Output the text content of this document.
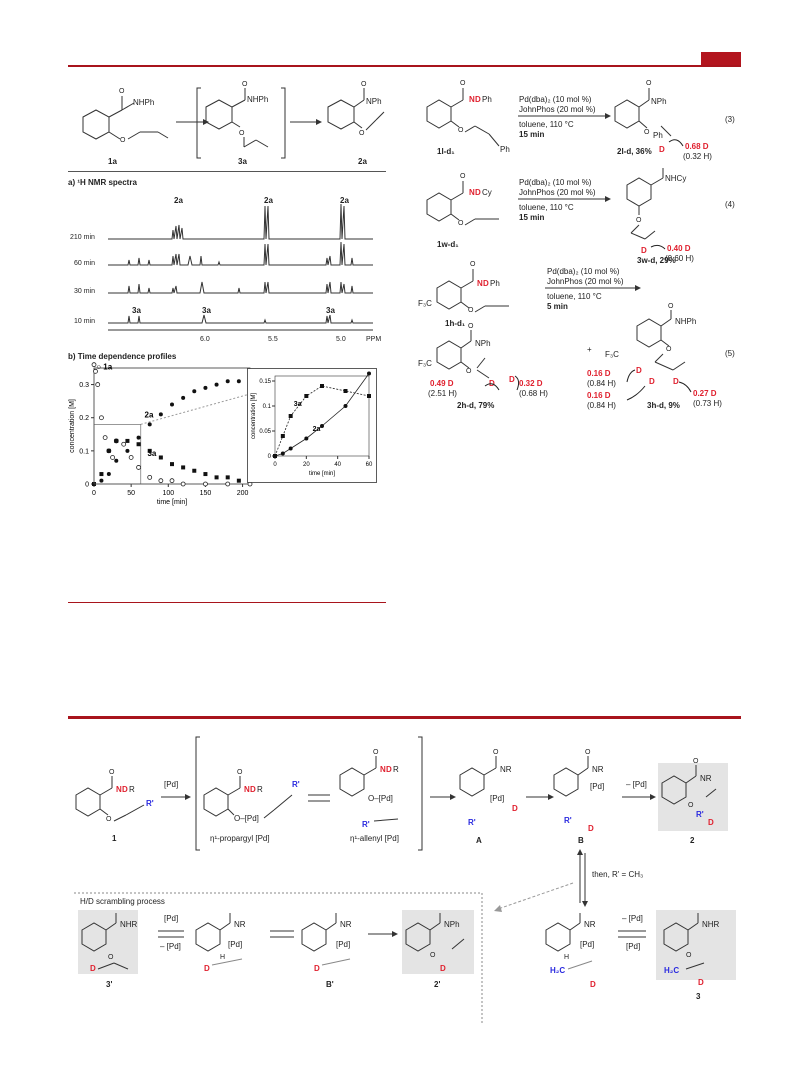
O
NHPh
O
1a
O
NHPh
O
3a
O
NPh
O
2a
a) ¹H NMR spectra
2a	2a	2a
210 min
60 min
30 min
10 min
3a	3a	3a
6.0	5.5	5.0	PPM
b) Time dependence profiles
0	50	100	150	200
0
0.1
0.2
0.3
time [min]
concentration [M]
○ 1a
2a
3a
0	20	40	60
0
0.05
0.1
0.15
time [min]
concentration [M]	3a
2a
O
N D Ph
O
Ph
1l-d₁
Pd(dba)₂ (10 mol %)
JohnPhos (20 mol %)
toluene, 110 °C
15 min
O
NPh
O Ph
D
2l-d, 36%
0.68 D
(0.32 H)
(3)
O
N D Cy
O
1w-d₁
Pd(dba)₂ (10 mol %)
JohnPhos (20 mol %)
toluene, 110 °C
15 min
NHCy
O
D
3w-d, 29%
0.40 D
(0.60 H)
(4)
F₃C
O
N D Ph
O
1h-d₁
Pd(dba)₂ (10 mol %)
JohnPhos (20 mol %)
toluene, 110 °C
5 min
F₃C
O
NPh
O
D D
0.49 D
(2.51 H)
0.32 D
(0.68 H)
2h-d, 79%
+
F₃C
O
NHPh
O
D
D D
0.16 D
(0.84 H)
0.16 D
(0.84 H)	3h-d, 9%
0.27 D
(0.73 H)
(5)
O
N D R
O
R'
1
[Pd]
O
N D R
O–[Pd]
R'
η¹-propargyl [Pd]
O
N D R
O–[Pd]
R'
η¹-allenyl [Pd]
O
NR
[Pd]
D
R'
A
O
NR
[Pd]
R'
D
B
– [Pd]
O
NR
O
R'
D
2
then, R' = CH₃
H/D scrambling process
NHR
O
D
3'
[Pd]
– [Pd]
NR
[Pd]
H
D
NR
[Pd]
D
B'
NPh
O
D
2'
NR
[Pd]
H
H₂C
D
– [Pd]
[Pd]
NHR
O
H₂C
D
3
